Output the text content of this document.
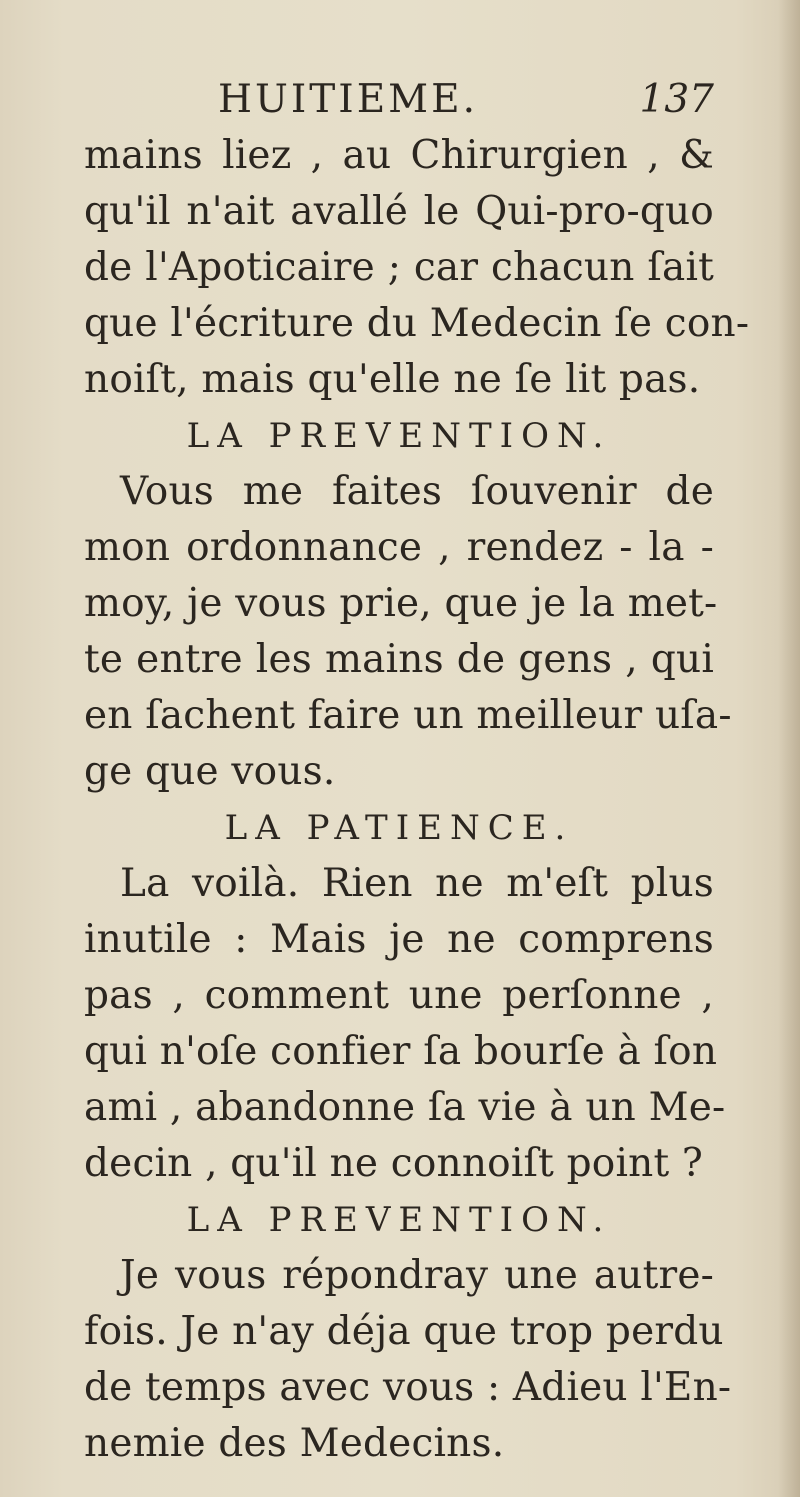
HUITIEME.	137
mains liez , au Chirurgien , &
qu'il n'ait avallé le Qui-pro-quo
de l'Apoticaire ; car chacun ſait
que l'écriture du Medecin ſe con-
noiſt, mais qu'elle ne ſe lit pas.
LA PREVENTION.
Vous me faites ſouvenir de
mon ordonnance , rendez - la -
moy, je vous prie, que je la met-
te entre les mains de gens , qui
en ſachent faire un meilleur uſa-
ge que vous.
LA PATIENCE.
La voilà. Rien ne m'eſt plus
inutile : Mais je ne comprens
pas , comment une perſonne ,
qui n'oſe confier ſa bourſe à ſon
ami , abandonne ſa vie à un Me-
decin , qu'il ne connoiſt point ?
LA PREVENTION.
Je vous répondray une autre-
fois. Je n'ay déja que trop perdu
de temps avec vous : Adieu l'En-
nemie des Medecins.
